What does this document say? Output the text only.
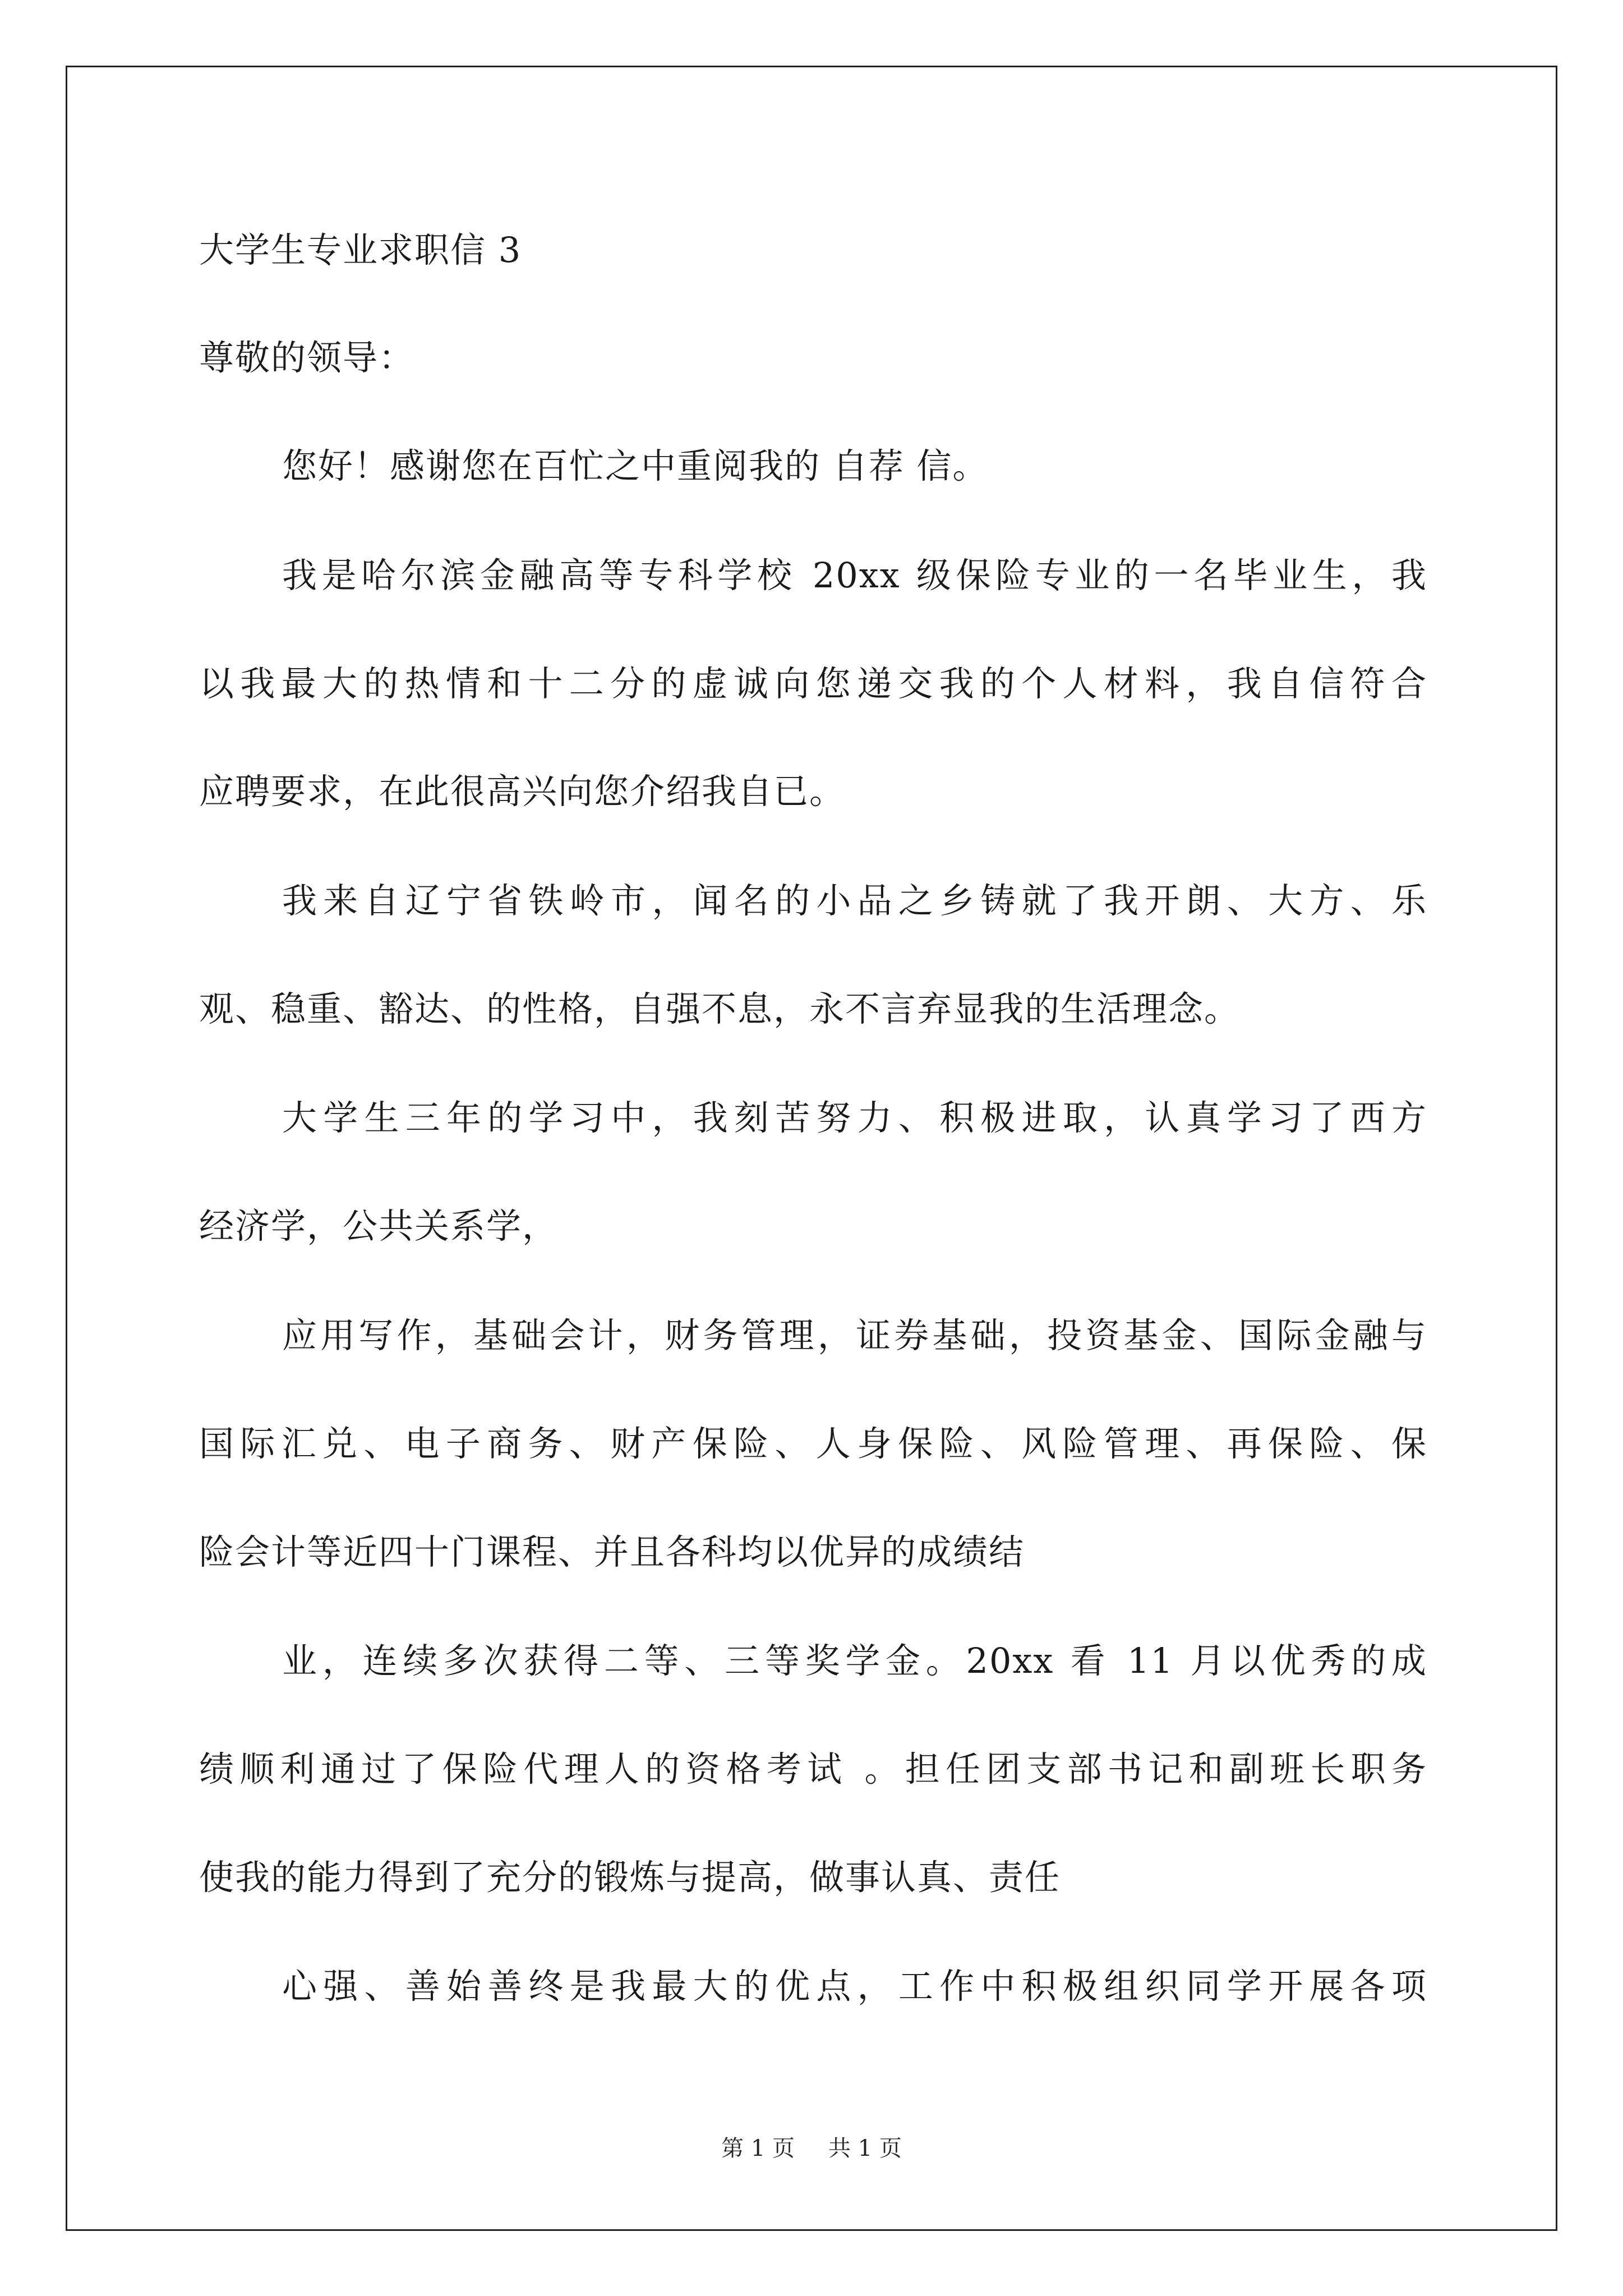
大学生专业求职信 3
尊敬的领导：
您好！感谢您在百忙之中重阅我的 自荐 信。
我是哈尔滨金融高等专科学校 20xx 级保险专业的一名毕业生，我
以我最大的热情和十二分的虚诚向您递交我的个人材料，我自信符合
应聘要求，在此很高兴向您介绍我自已。
我来自辽宁省铁岭市，闻名的小品之乡铸就了我开朗、大方、乐
观、稳重、豁达、的性格，自强不息，永不言弃显我的生活理念。
大学生三年的学习中，我刻苦努力、积极进取，认真学习了西方
经济学，公共关系学，
应用写作，基础会计，财务管理，证券基础，投资基金、国际金融与
国际汇兑、电子商务、财产保险、人身保险、风险管理、再保险、保
险会计等近四十门课程、并且各科均以优异的成绩结
业，连续多次获得二等、三等奖学金。20xx 看 11 月以优秀的成
绩顺利通过了保险代理人的资格考试 。担任团支部书记和副班长职务
使我的能力得到了充分的锻炼与提高，做事认真、责任
心强、善始善终是我最大的优点，工作中积极组织同学开展各项
第 1 页 共 1 页
